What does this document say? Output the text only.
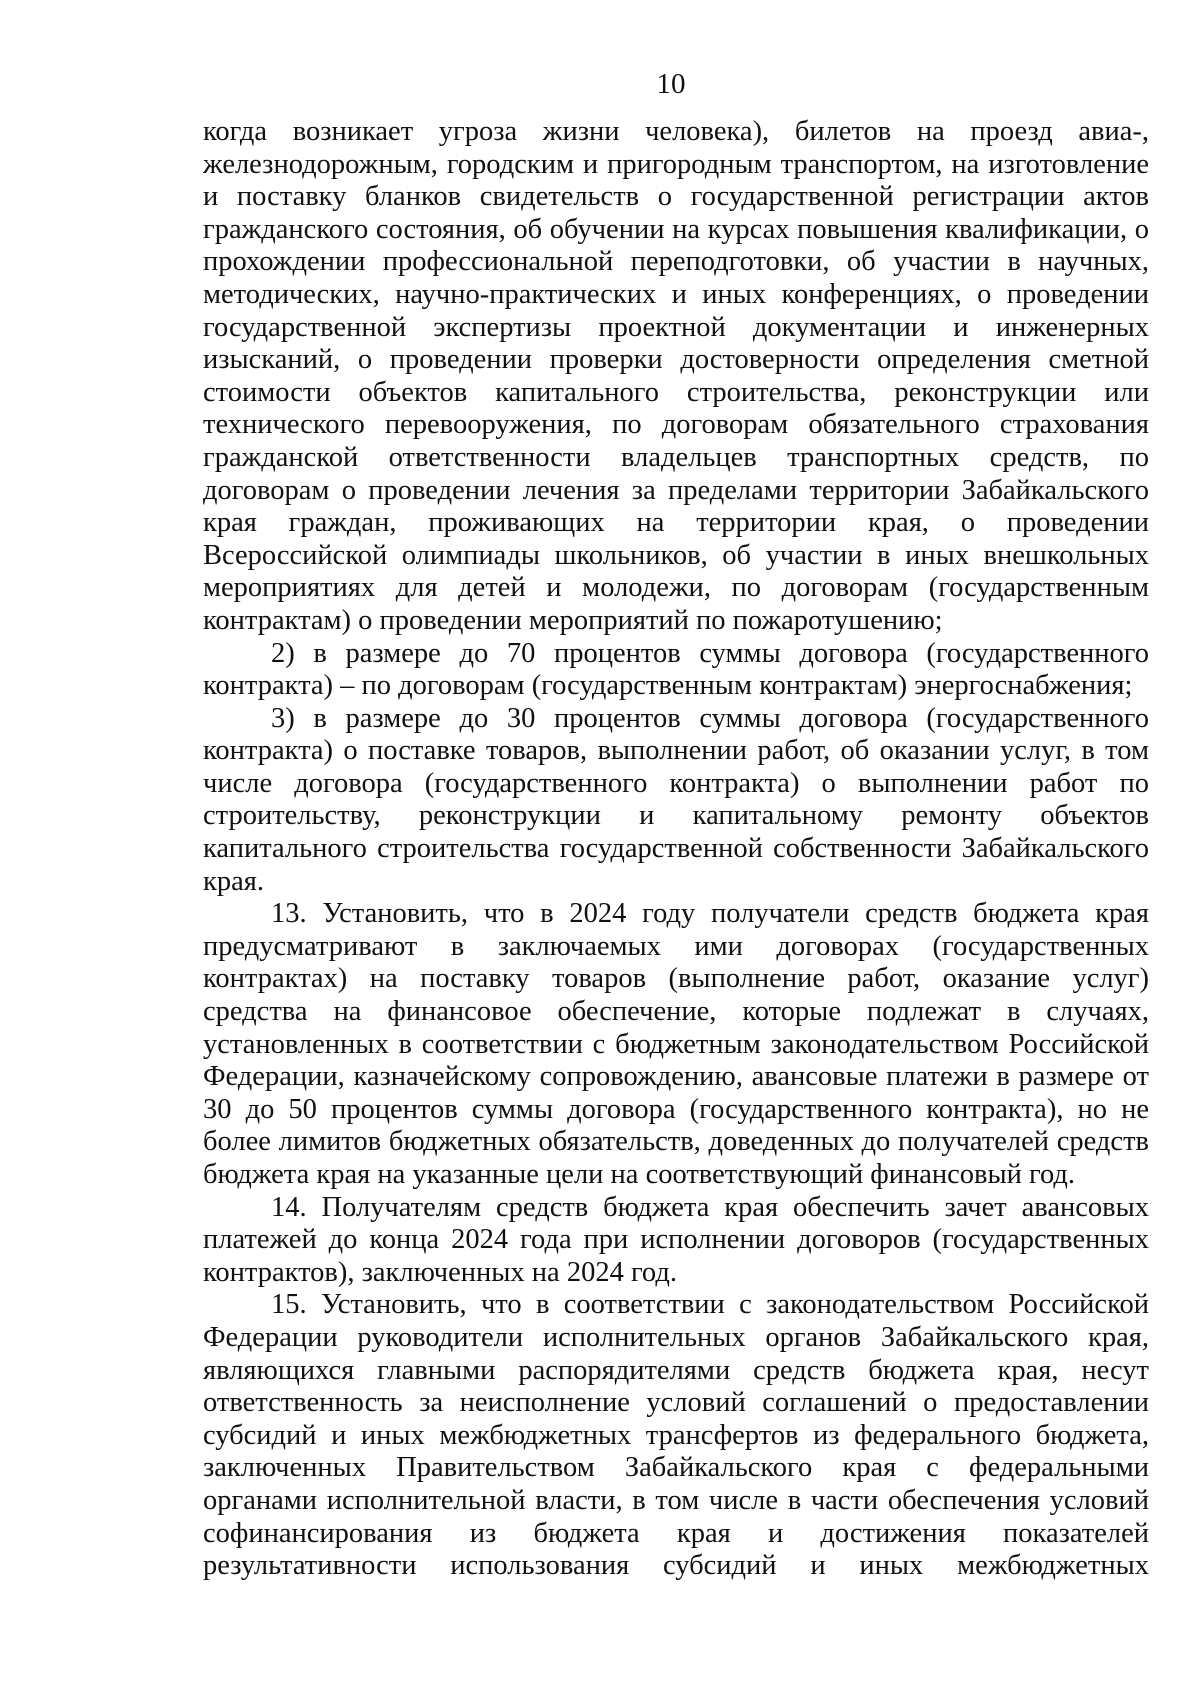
10

когда возникает угроза жизни человека), билетов на проезд авиа-, железнодорожным, городским и пригородным транспортом, на изготовление и поставку бланков свидетельств о государственной регистрации актов гражданского состояния, об обучении на курсах повышения квалификации, о прохождении профессиональной переподготовки, об участии в научных, методических, научно-практических и иных конференциях, о проведении государственной экспертизы проектной документации и инженерных изысканий, о проведении проверки достоверности определения сметной стоимости объектов капитального строительства, реконструкции или технического перевооружения, по договорам обязательного страхования гражданской ответственности владельцев транспортных средств, по договорам о проведении лечения за пределами территории Забайкальского края граждан, проживающих на территории края, о проведении Всероссийской олимпиады школьников, об участии в иных внешкольных мероприятиях для детей и молодежи, по договорам (государственным контрактам) о проведении мероприятий по пожаротушению;

2) в размере до 70 процентов суммы договора (государственного контракта) – по договорам (государственным контрактам) энергоснабжения;

3) в размере до 30 процентов суммы договора (государственного контракта) о поставке товаров, выполнении работ, об оказании услуг, в том числе договора (государственного контракта) о выполнении работ по строительству, реконструкции и капитальному ремонту объектов капитального строительства государственной собственности Забайкальского края.

13. Установить, что в 2024 году получатели средств бюджета края предусматривают в заключаемых ими договорах (государственных контрактах) на поставку товаров (выполнение работ, оказание услуг) средства на финансовое обеспечение, которые подлежат в случаях, установленных в соответствии с бюджетным законодательством Российской Федерации, казначейскому сопровождению, авансовые платежи в размере от 30 до 50 процентов суммы договора (государственного контракта), но не более лимитов бюджетных обязательств, доведенных до получателей средств бюджета края на указанные цели на соответствующий финансовый год.

14. Получателям средств бюджета края обеспечить зачет авансовых платежей до конца 2024 года при исполнении договоров (государственных контрактов), заключенных на 2024 год.

15. Установить, что в соответствии с законодательством Российской Федерации руководители исполнительных органов Забайкальского края, являющихся главными распорядителями средств бюджета края, несут ответственность за неисполнение условий соглашений о предоставлении субсидий и иных межбюджетных трансфертов из федерального бюджета, заключенных Правительством Забайкальского края с федеральными органами исполнительной власти, в том числе в части обеспечения условий софинансирования из бюджета края и достижения показателей результативности использования субсидий и иных межбюджетных
